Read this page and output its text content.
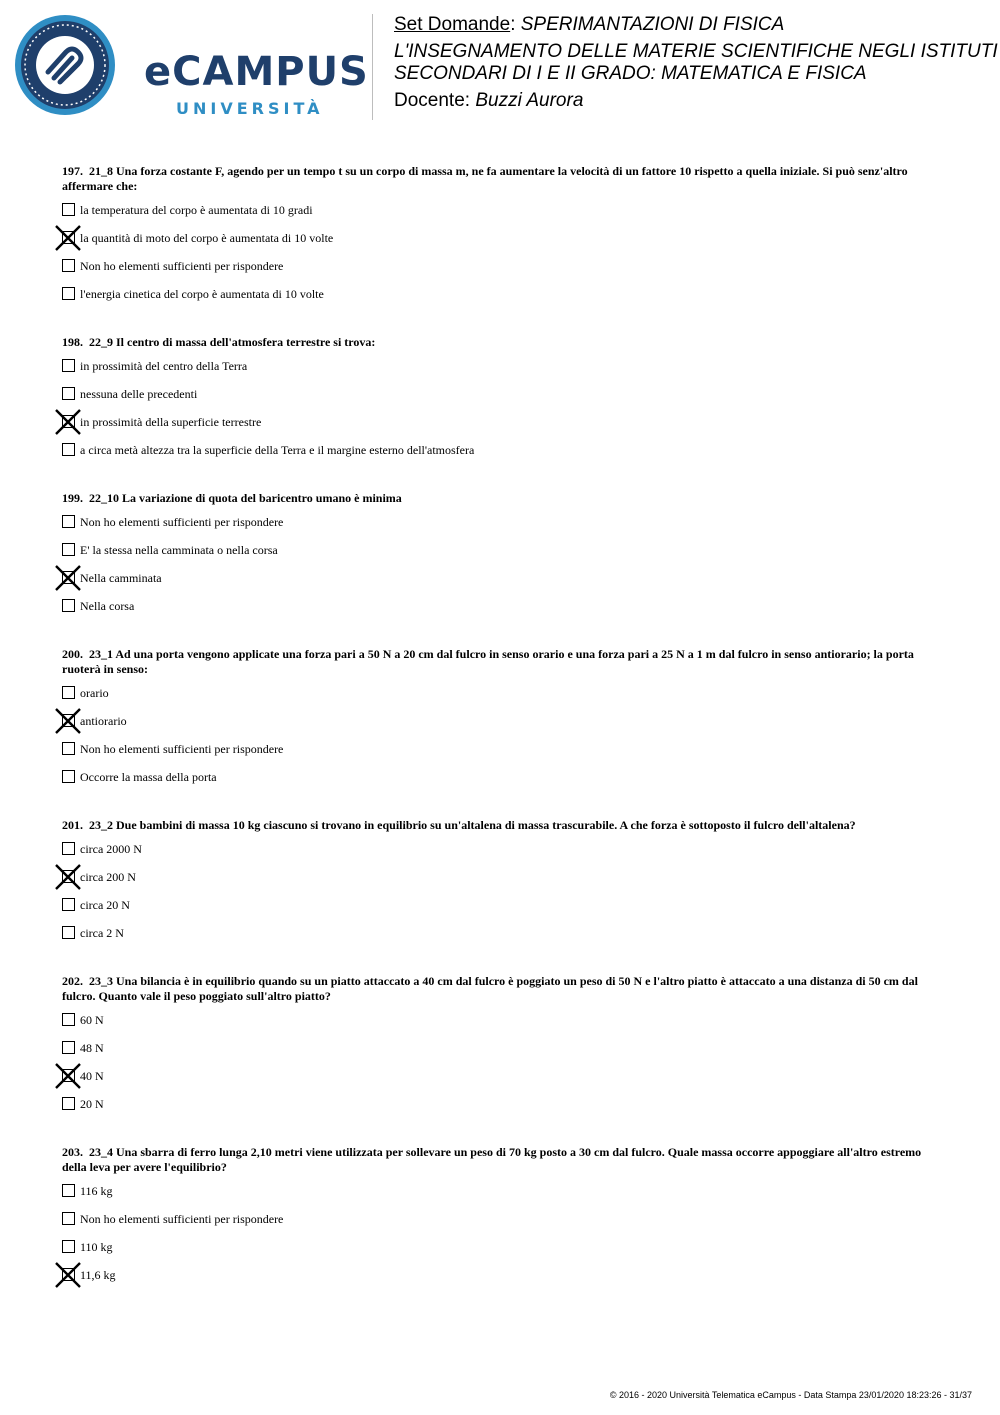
eCAMPUS
UNIVERSITÀ
Set Domande: SPERIMANTAZIONI DI FISICA
L'INSEGNAMENTO DELLE MATERIE SCIENTIFICHE NEGLI ISTITUTI
SECONDARI DI I E II GRADO: MATEMATICA E FISICA
Docente: Buzzi Aurora

197. 21_8 Una forza costante F, agendo per un tempo t su un corpo di massa m, ne fa aumentare la velocità di un fattore 10 rispetto a quella iniziale. Si può senz'altro affermare che:

la temperatura del corpo è aumentata di 10 gradi
la quantità di moto del corpo è aumentata di 10 volte
Non ho elementi sufficienti per rispondere
l'energia cinetica del corpo è aumentata di 10 volte

198. 22_9 Il centro di massa dell'atmosfera terrestre si trova:

in prossimità del centro della Terra
nessuna delle precedenti
in prossimità della superficie terrestre
a circa metà altezza tra la superficie della Terra e il margine esterno dell'atmosfera

199. 22_10 La variazione di quota del baricentro umano è minima

Non ho elementi sufficienti per rispondere
E' la stessa nella camminata o nella corsa
Nella camminata
Nella corsa

200. 23_1 Ad una porta vengono applicate una forza pari a 50 N a 20 cm dal fulcro in senso orario e una forza pari a 25 N a 1 m dal fulcro in senso antiorario; la porta ruoterà in senso:

orario
antiorario
Non ho elementi sufficienti per rispondere
Occorre la massa della porta

201. 23_2 Due bambini di massa 10 kg ciascuno si trovano in equilibrio su un'altalena di massa trascurabile. A che forza è sottoposto il fulcro dell'altalena?

circa 2000 N
circa 200 N
circa 20 N
circa 2 N

202. 23_3 Una bilancia è in equilibrio quando su un piatto attaccato a 40 cm dal fulcro è poggiato un peso di 50 N e l'altro piatto è attaccato a una distanza di 50 cm dal fulcro. Quanto vale il peso poggiato sull'altro piatto?

60 N
48 N
40 N
20 N

203. 23_4 Una sbarra di ferro lunga 2,10 metri viene utilizzata per sollevare un peso di 70 kg posto a 30 cm dal fulcro. Quale massa occorre appoggiare all'altro estremo della leva per avere l'equilibrio?

116 kg
Non ho elementi sufficienti per rispondere
110 kg
11,6 kg
© 2016 - 2020 Università Telematica eCampus - Data Stampa 23/01/2020 18:23:26 - 31/37
